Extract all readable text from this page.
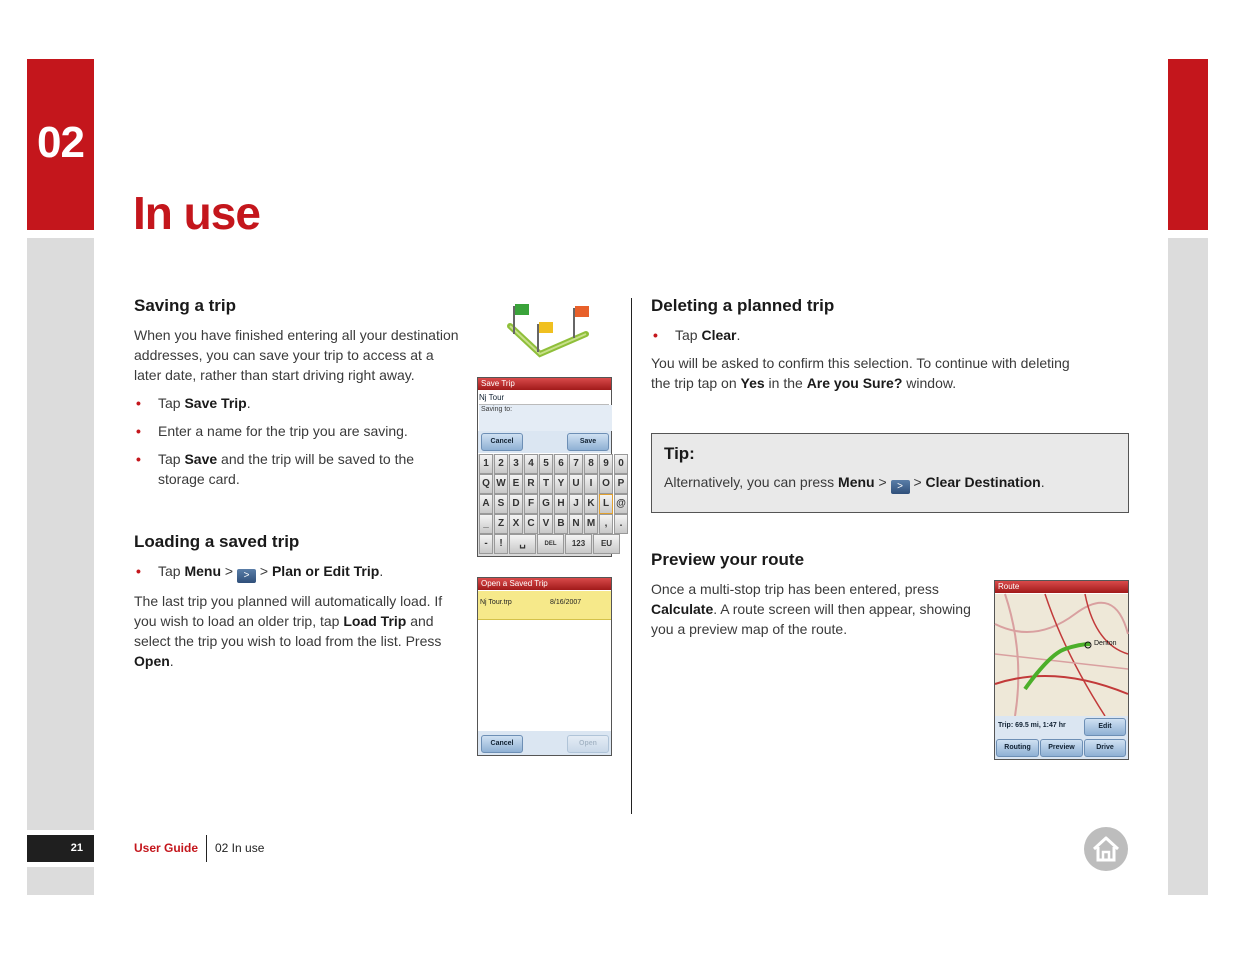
02
In use
Saving a trip

When you have finished entering all your destination addresses, you can save your trip to access at a later date, rather than start driving right away.

• Tap Save Trip.
• Enter a name for the trip you are saving.
• Tap Save and the trip will be saved to the storage card.
Loading a saved trip
• Tap Menu > > > Plan or Edit Trip.

The last trip you planned will automatically load. If you wish to load an older trip, tap Load Trip and select the trip you wish to load from the list. Press Open.

Save Trip
Nj Tour
Saving to:
Cancel	Save
1 2 3 4 5 6 7 8 9 0
Q W E R T Y U	I O P
A S D F G H J K L @
_ Z X C V B N M ,	.
-	!	␣	DEL	123	EU
Open a Saved Trip
Nj Tour.trp	8/16/2007
Cancel	Open
Deleting a planned trip
• Tap Clear.

You will be asked to confirm this selection. To continue with deleting the trip tap on Yes in the Are you Sure? window.

Tip:

Alternatively, you can press Menu > > > Clear Destination.

Preview your route

Once a multi-stop trip has been entered, press Calculate. A route screen will then appear, showing you a preview map of the route.

Route
Denton
Trip: 69.5 mi, 1:47 hr	Edit
Routing	Preview	Drive
21	User Guide 02 In use
